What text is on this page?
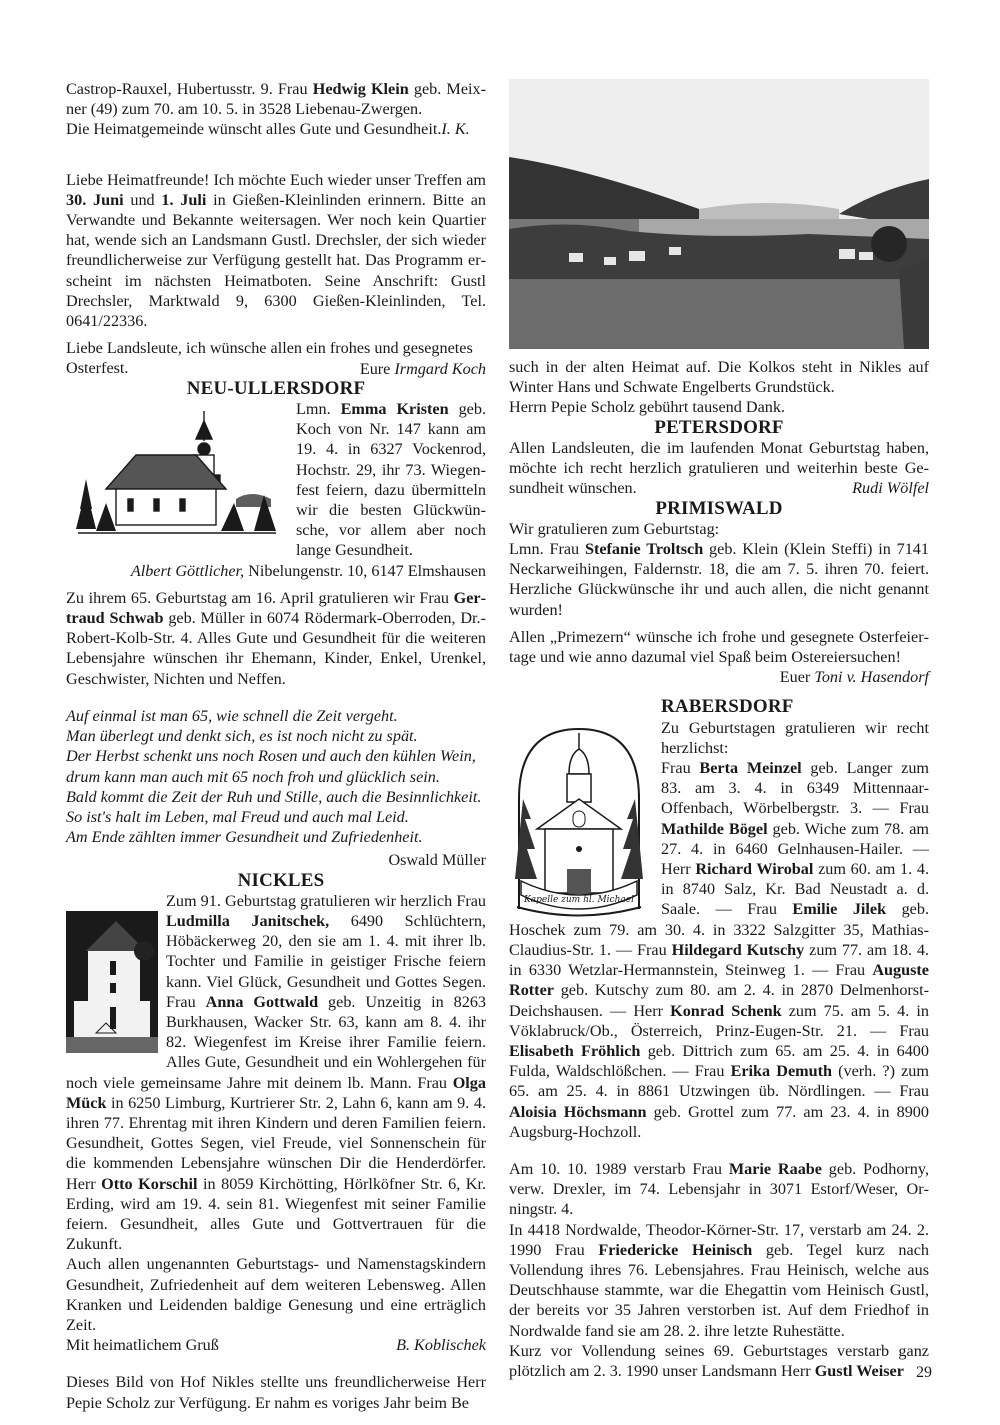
Castrop-Rauxel, Hubertusstr. 9. Frau Hedwig Klein geb. Meixner (49) zum 70. am 10. 5. in 3528 Liebenau-Zwergen.

Die Heimatgemeinde wünscht alles Gute und Gesundheit.I. K.

Liebe Heimatfreunde! Ich möchte Euch wieder unser Treffen am 30. Juni und 1. Juli in Gießen-Kleinlinden erinnern. Bitte an Verwandte und Bekannte weitersagen. Wer noch kein Quartier hat, wende sich an Landsmann Gustl. Drechsler, der sich wieder freundlicherweise zur Verfügung gestellt hat. Das Programm erscheint im nächsten Heimatboten. Seine Anschrift: Gustl Drechsler, Marktwald 9, 6300 Gießen-Kleinlinden, Tel. 0641/22336.

Liebe Landsleute, ich wünsche allen ein frohes und gesegnetes Osterfest.	Eure Irmgard Koch

NEU-ULLERSDORF

Lmn. Emma Kristen geb. Koch von Nr. 147 kann am 19. 4. in 6327 Vockenrod, Hochstr. 29, ihr 73. Wiegenfest feiern, dazu übermitteln wir die besten Glückwünsche, vor allem aber noch lange Gesundheit.

Albert Göttlicher, Nibelungenstr. 10, 6147 Elmshausen

Zu ihrem 65. Geburtstag am 16. April gratulieren wir Frau Gertraud Schwab geb. Müller in 6074 Rödermark-Oberroden, Dr.-Robert-Kolb-Str. 4. Alles Gute und Gesundheit für die weiteren Lebensjahre wünschen ihr Ehemann, Kinder, Enkel, Urenkel, Geschwister, Nichten und Neffen.

Auf einmal ist man 65, wie schnell die Zeit vergeht.

Man überlegt und denkt sich, es ist noch nicht zu spät.

Der Herbst schenkt uns noch Rosen und auch den kühlen Wein,

drum kann man auch mit 65 noch froh und glücklich sein.

Bald kommt die Zeit der Ruh und Stille, auch die Besinnlichkeit.

So ist's halt im Leben, mal Freud und auch mal Leid.

Am Ende zählten immer Gesundheit und Zufriedenheit.

Oswald Müller

NICKLES

Zum 91. Geburtstag gratulieren wir herzlich Frau Ludmilla Janitschek, 6490 Schlüchtern, Höbäckerweg 20, den sie am 1. 4. mit ihrer lb. Tochter und Familie in geistiger Frische feiern kann. Viel Glück, Gesundheit und Gottes Segen. Frau Anna Gottwald geb. Unzeitig in 8263 Burkhausen, Wacker Str. 63, kann am 8. 4. ihr 82. Wiegenfest im Kreise ihrer Familie feiern. Alles Gute, Gesundheit und ein Wohlergehen für noch viele gemeinsame Jahre mit deinem lb. Mann. Frau Olga Mück in 6250 Limburg, Kurtrierer Str. 2, Lahn 6, kann am 9. 4. ihren 77. Ehrentag mit ihren Kindern und deren Familien feiern. Gesundheit, Gottes Segen, viel Freude, viel Sonnenschein für die kommenden Lebensjahre wünschen Dir die Henderdörfer. Herr Otto Korschil in 8059 Kirchötting, Hörlköfner Str. 6, Kr. Erding, wird am 19. 4. sein 81. Wiegenfest mit seiner Familie feiern. Gesundheit, alles Gute und Gottvertrauen für die Zukunft.

Auch allen ungenannten Geburtstags- und Namenstagskindern Gesundheit, Zufriedenheit auf dem weiteren Lebensweg. Allen Kranken und Leidenden baldige Genesung und eine erträglich Zeit.

Mit heimatlichem Gruß	B. Koblischek

Dieses Bild von Hof Nikles stellte uns freundlicherweise Herr Pepie Scholz zur Verfügung. Er nahm es voriges Jahr beim Be

such in der alten Heimat auf. Die Kolkos steht in Nikles auf Winter Hans und Schwate Engelberts Grundstück.

Herrn Pepie Scholz gebührt tausend Dank.

PETERSDORF

Allen Landsleuten, die im laufenden Monat Geburtstag haben, möchte ich recht herzlich gratulieren und weiterhin beste Gesundheit wünschen.	Rudi Wölfel

PRIMISWALD

Wir gratulieren zum Geburtstag:

Lmn. Frau Stefanie Troltsch geb. Klein (Klein Steffi) in 7141 Neckarweihingen, Faldernstr. 18, die am 7. 5. ihren 70. feiert. Herzliche Glückwünsche ihr und auch allen, die nicht genannt wurden!

Allen „Primezern“ wünsche ich frohe und gesegnete Osterfeiertage und wie anno dazumal viel Spaß beim Ostereiersuchen!

Euer Toni v. Hasendorf

Kapelle zum hl. Michael
RABERSDORF

Zu Geburtstagen gratulieren wir recht herzlichst:

Frau Berta Meinzel geb. Langer zum 83. am 3. 4. in 6349 Mittennaar-Offenbach, Wörbelbergstr. 3. — Frau Mathilde Bögel geb. Wiche zum 78. am 27. 4. in 6460 Gelnhausen-Hailer. — Herr Richard Wirobal zum 60. am 1. 4. in 8740 Salz, Kr. Bad Neustadt a. d. Saale. — Frau Emilie Jilek geb. Hoschek zum 79. am 30. 4. in 3322 Salzgitter 35, Mathias-Claudius-Str. 1. — Frau Hildegard Kutschy zum 77. am 18. 4. in 6330 Wetzlar-Hermannstein, Steinweg 1. — Frau Auguste Rotter geb. Kutschy zum 80. am 2. 4. in 2870 Delmenhorst-Deichshausen. — Herr Konrad Schenk zum 75. am 5. 4. in Vöklabruck/Ob., Österreich, Prinz-Eugen-Str. 21. — Frau Elisabeth Fröhlich geb. Dittrich zum 65. am 25. 4. in 6400 Fulda, Waldschlößchen. — Frau Erika Demuth (verh. ?) zum 65. am 25. 4. in 8861 Utzwingen üb. Nördlingen. — Frau Aloisia Höchsmann geb. Grottel zum 77. am 23. 4. in 8900 Augsburg-Hochzoll.

Am 10. 10. 1989 verstarb Frau Marie Raabe geb. Podhorny, verw. Drexler, im 74. Lebensjahr in 3071 Estorf/Weser, Orningstr. 4.

In 4418 Nordwalde, Theodor-Körner-Str. 17, verstarb am 24. 2. 1990 Frau Friedericke Heinisch geb. Tegel kurz nach Vollendung ihres 76. Lebensjahres. Frau Heinisch, welche aus Deutschhause stammte, war die Ehegattin vom Heinisch Gustl, der bereits vor 35 Jahren verstorben ist. Auf dem Friedhof in Nordwalde fand sie am 28. 2. ihre letzte Ruhestätte.

Kurz vor Vollendung seines 69. Geburtstages verstarb ganz plötzlich am 2. 3. 1990 unser Landsmann Herr Gustl Weiser 29
